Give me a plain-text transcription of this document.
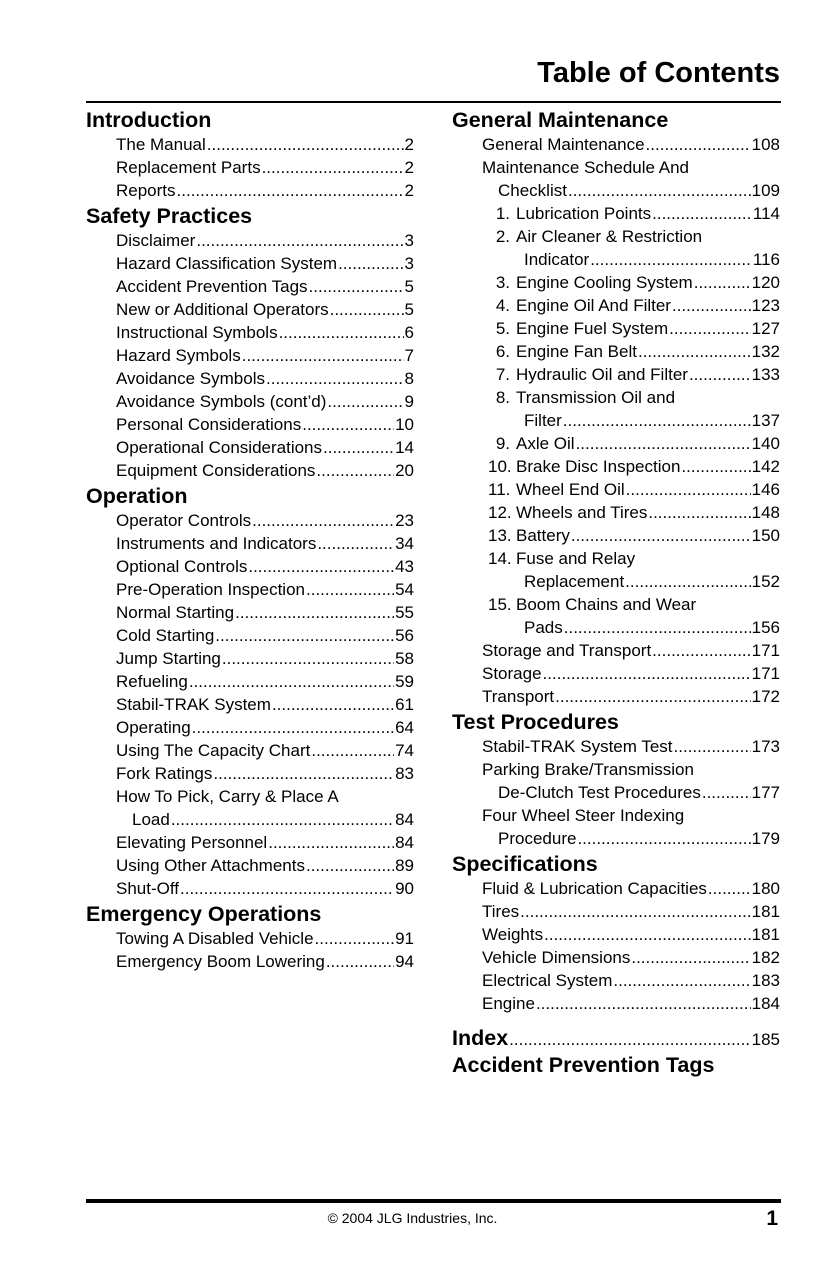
Table of Contents
Introduction
The Manual .....	2
Replacement Parts .....	2
Reports .....	2
Safety Practices
Disclaimer .....	3
Hazard Classification System .....	3
Accident Prevention Tags .....	5
New or Additional Operators .....	5
Instructional Symbols .....	6
Hazard Symbols .....	7
Avoidance Symbols .....	8
Avoidance Symbols (cont’d) .....	9
Personal Considerations .....	10
Operational Considerations .....	14
Equipment Considerations .....	20
Operation
Operator Controls .....	23
Instruments and Indicators .....	34
Optional Controls .....	43
Pre-Operation Inspection .....	54
Normal Starting .....	55
Cold Starting .....	56
Jump Starting .....	58
Refueling .....	59
Stabil-TRAK System .....	61
Operating .....	64
Using The Capacity Chart .....	74
Fork Ratings .....	83
How To Pick, Carry & Place A
Load .....	84
Elevating Personnel .....	84
Using Other Attachments .....	89
Shut-Off .....	90
Emergency Operations
Towing A Disabled Vehicle .....	91
Emergency Boom Lowering .....	94
General Maintenance
General Maintenance .....	108
Maintenance Schedule And
Checklist .....	109
1. Lubrication Points .....	114
2. Air Cleaner & Restriction
Indicator .....	116
3. Engine Cooling System .....	120
4. Engine Oil And Filter .....	123
5. Engine Fuel System .....	127
6. Engine Fan Belt .....	132
7. Hydraulic Oil and Filter .....	133
8. Transmission Oil and
Filter .....	137
9. Axle Oil .....	140
10. Brake Disc Inspection .....	142
11. Wheel End Oil .....	146
12. Wheels and Tires .....	148
13. Battery .....	150
14. Fuse and Relay
Replacement .....	152
15. Boom Chains and Wear
Pads .....	156
Storage and Transport .....	171
Storage .....	171
Transport .....	172
Test Procedures
Stabil-TRAK System Test .....	173
Parking Brake/Transmission
De-Clutch Test Procedures .....	177
Four Wheel Steer Indexing
Procedure .....	179
Specifications
Fluid & Lubrication Capacities .....	180
Tires .....	181
Weights .....	181
Vehicle Dimensions .....	182
Electrical System .....	183
Engine .....	184
Index .....	185
Accident Prevention Tags
© 2004 JLG Industries, Inc.	1
